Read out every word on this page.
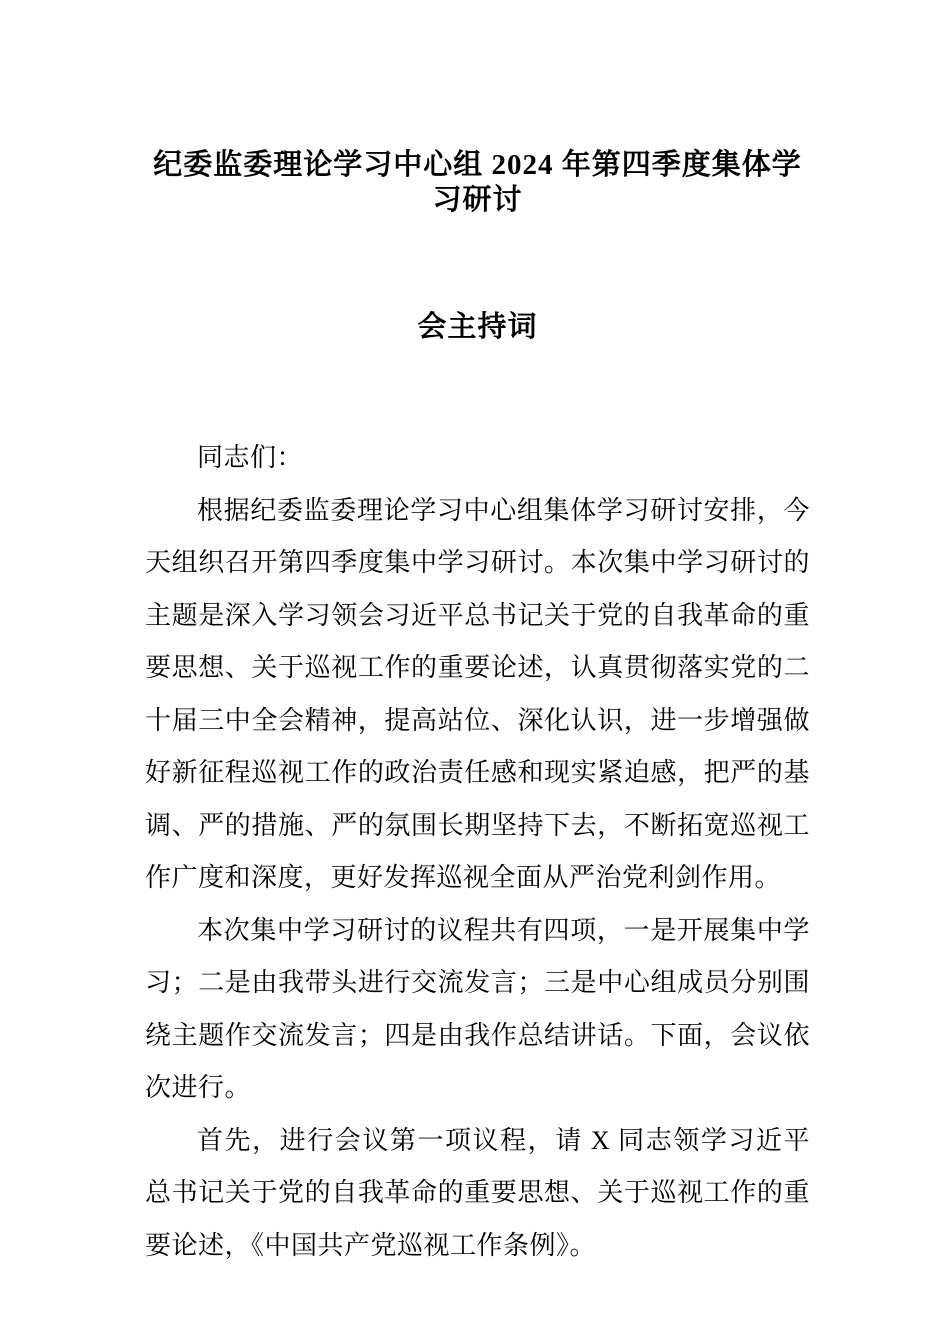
纪委监委理论学习中心组 2024 年第四季度集体学习研讨
会主持词

同志们：

根据纪委监委理论学习中心组集体学习研讨安排，今天组织召开第四季度集中学习研讨。本次集中学习研讨的主题是深入学习领会习近平总书记关于党的自我革命的重要思想、关于巡视工作的重要论述，认真贯彻落实党的二十届三中全会精神，提高站位、深化认识，进一步增强做好新征程巡视工作的政治责任感和现实紧迫感，把严的基调、严的措施、严的氛围长期坚持下去，不断拓宽巡视工作广度和深度，更好发挥巡视全面从严治党利剑作用。

本次集中学习研讨的议程共有四项，一是开展集中学习；二是由我带头进行交流发言；三是中心组成员分别围绕主题作交流发言；四是由我作总结讲话。下面，会议依次进行。

首先，进行会议第一项议程，请 X 同志领学习近平总书记关于党的自我革命的重要思想、关于巡视工作的重要论述，《中国共产党巡视工作条例》。
